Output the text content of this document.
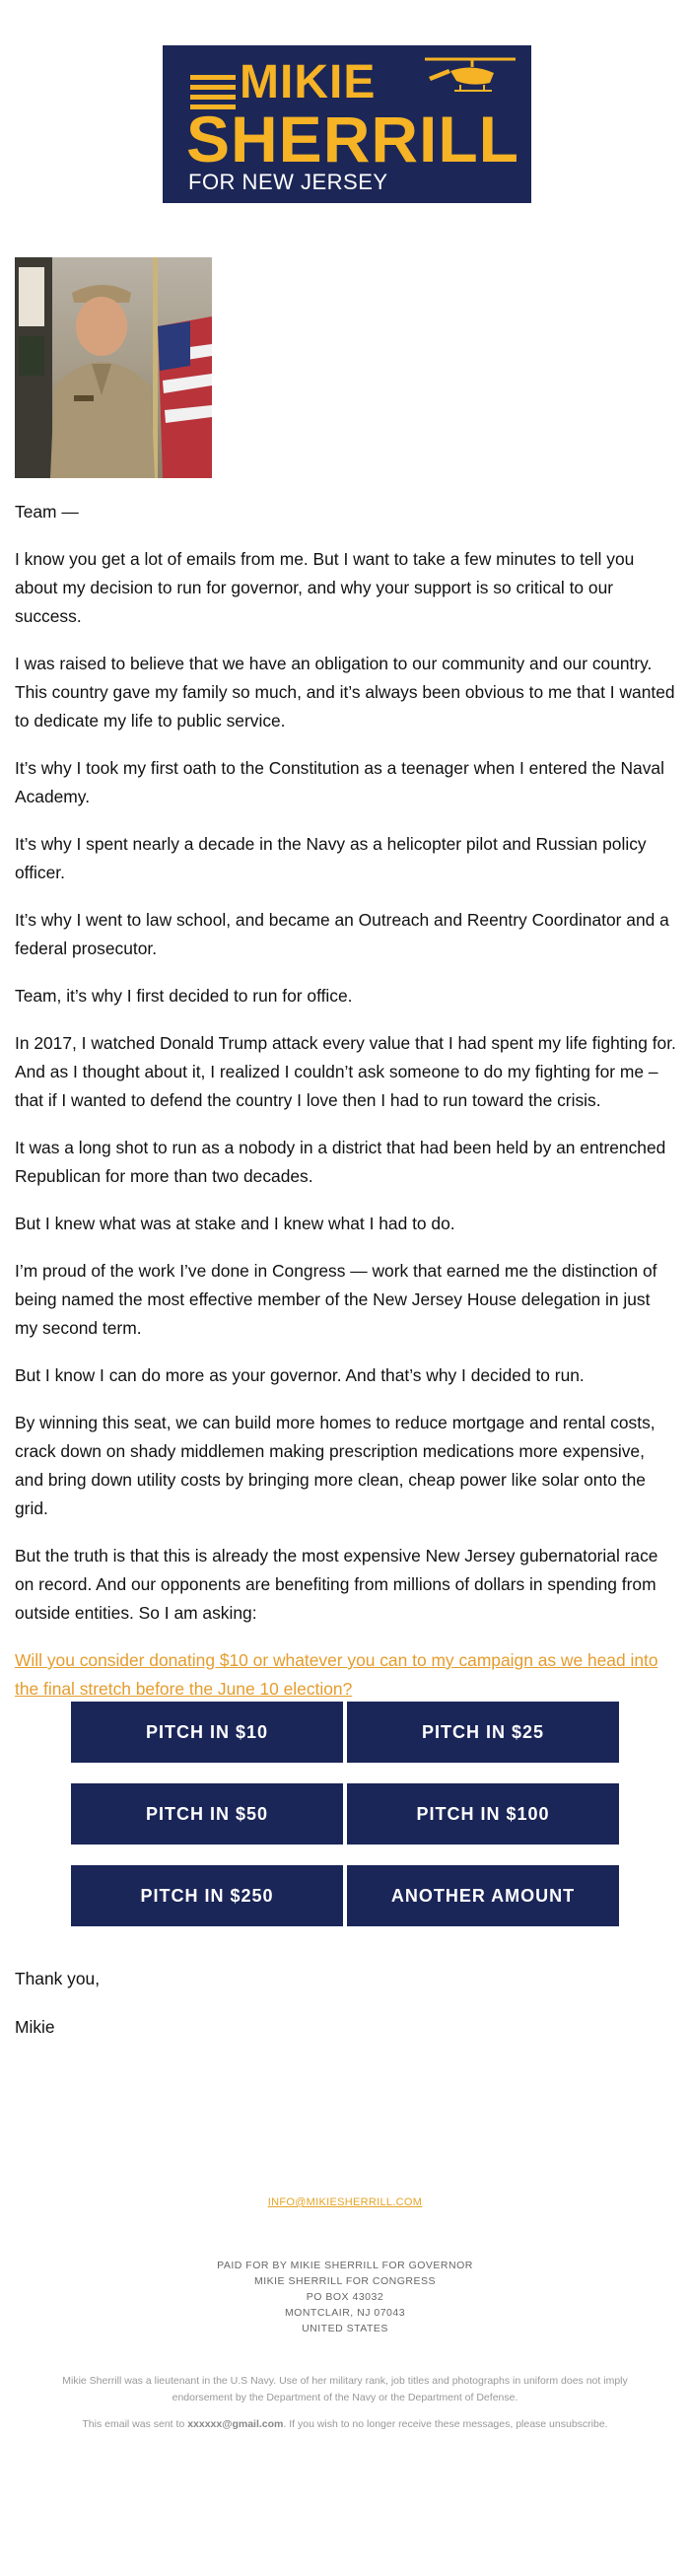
MIKIE
SHERRILL
FOR NEW JERSEY

Team —

I know you get a lot of emails from me. But I want to take a few minutes to tell you about my decision to run for governor, and why your support is so critical to our success.

I was raised to believe that we have an obligation to our community and our country. This country gave my family so much, and it’s always been obvious to me that I wanted to dedicate my life to public service.

It’s why I took my first oath to the Constitution as a teenager when I entered the Naval Academy.

It’s why I spent nearly a decade in the Navy as a helicopter pilot and Russian policy officer.

It’s why I went to law school, and became an Outreach and Reentry Coordinator and a federal prosecutor.

Team, it’s why I first decided to run for office.

In 2017, I watched Donald Trump attack every value that I had spent my life fighting for. And as I thought about it, I realized I couldn’t ask someone to do my fighting for me – that if I wanted to defend the country I love then I had to run toward the crisis.

It was a long shot to run as a nobody in a district that had been held by an entrenched Republican for more than two decades.

But I knew what was at stake and I knew what I had to do.

I’m proud of the work I’ve done in Congress — work that earned me the distinction of being named the most effective member of the New Jersey House delegation in just my second term.

But I know I can do more as your governor. And that’s why I decided to run.

By winning this seat, we can build more homes to reduce mortgage and rental costs, crack down on shady middlemen making prescription medications more expensive, and bring down utility costs by bringing more clean, cheap power like solar onto the grid.

But the truth is that this is already the most expensive New Jersey gubernatorial race on record. And our opponents are benefiting from millions of dollars in spending from outside entities. So I am asking:

Will you consider donating $10 or whatever you can to my campaign as we head into the final stretch before the June 10 election?

PITCH IN $10	PITCH IN $25
PITCH IN $50	PITCH IN $100
PITCH IN $250	ANOTHER AMOUNT

Thank you,

Mikie

INFO@MIKIESHERRILL.COM
PAID FOR BY MIKIE SHERRILL FOR GOVERNOR
MIKIE SHERRILL FOR CONGRESS
PO BOX 43032
MONTCLAIR, NJ 07043
UNITED STATES

Mikie Sherrill was a lieutenant in the U.S Navy. Use of her military rank, job titles and photographs in uniform does not imply endorsement by the Department of the Navy or the Department of Defense.

This email was sent to xxxxxx@gmail.com. If you wish to no longer receive these messages, please unsubscribe.
